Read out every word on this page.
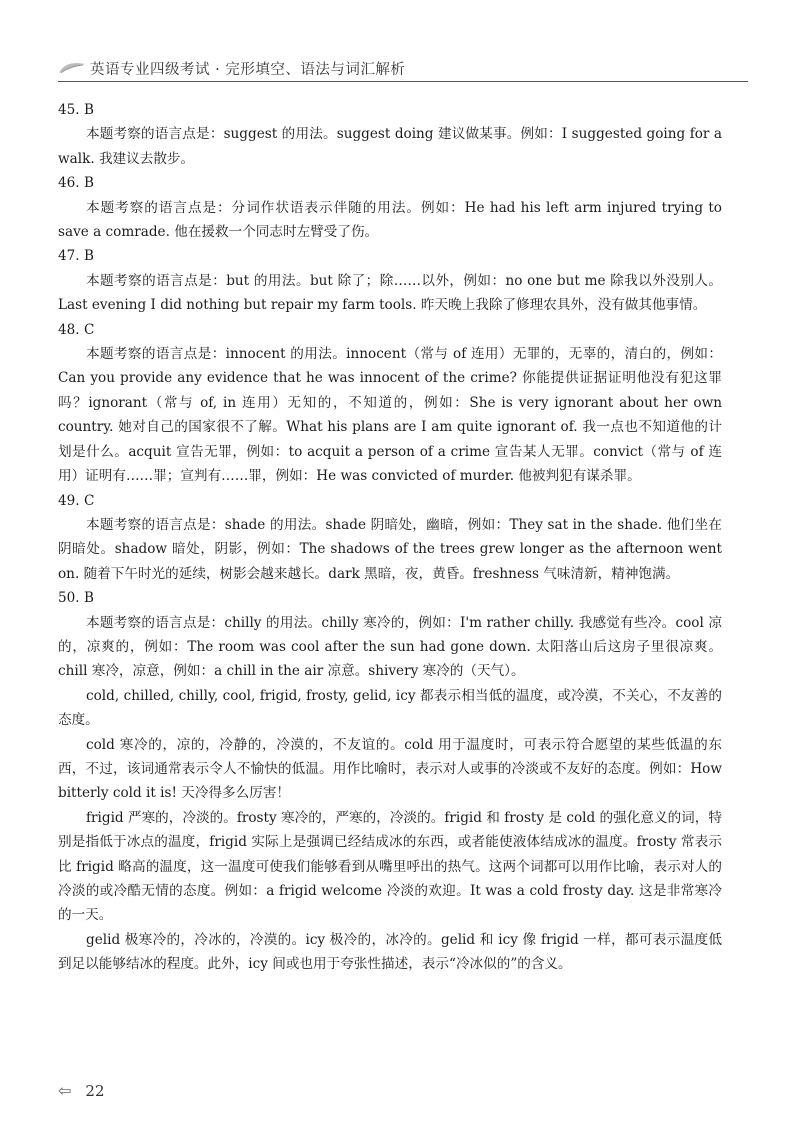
英语专业四级考试 · 完形填空、语法与词汇解析

45. B

本题考察的语言点是：suggest 的用法。suggest doing 建议做某事。例如：I suggested going for a walk. 我建议去散步。

46. B

本题考察的语言点是：分词作状语表示伴随的用法。例如：He had his left arm injured trying to save a comrade. 他在援救一个同志时左臂受了伤。

47. B

本题考察的语言点是：but 的用法。but 除了；除……以外，例如：no one but me 除我以外没别人。Last evening I did nothing but repair my farm tools. 昨天晚上我除了修理农具外，没有做其他事情。

48. C

本题考察的语言点是：innocent 的用法。innocent（常与 of 连用）无罪的，无辜的，清白的，例如：Can you provide any evidence that he was innocent of the crime? 你能提供证据证明他没有犯这罪吗？ignorant（常与 of, in 连用）无知的，不知道的，例如：She is very ignorant about her own country. 她对自己的国家很不了解。What his plans are I am quite ignorant of. 我一点也不知道他的计划是什么。acquit 宣告无罪，例如：to acquit a person of a crime 宣告某人无罪。convict（常与 of 连用）证明有……罪；宣判有……罪，例如：He was convicted of murder. 他被判犯有谋杀罪。

49. C

本题考察的语言点是：shade 的用法。shade 阴暗处，幽暗，例如：They sat in the shade. 他们坐在阴暗处。shadow 暗处，阴影，例如：The shadows of the trees grew longer as the afternoon went on. 随着下午时光的延续，树影会越来越长。dark 黑暗，夜，黄昏。freshness 气味清新，精神饱满。

50. B

本题考察的语言点是：chilly 的用法。chilly 寒冷的，例如：I'm rather chilly. 我感觉有些冷。cool 凉的，凉爽的，例如：The room was cool after the sun had gone down. 太阳落山后这房子里很凉爽。chill 寒冷，凉意，例如：a chill in the air 凉意。shivery 寒冷的（天气）。

cold, chilled, chilly, cool, frigid, frosty, gelid, icy 都表示相当低的温度，或冷漠，不关心，不友善的态度。

cold 寒冷的，凉的，冷静的，冷漠的，不友谊的。cold 用于温度时，可表示符合愿望的某些低温的东西，不过，该词通常表示令人不愉快的低温。用作比喻时，表示对人或事的冷淡或不友好的态度。例如：How bitterly cold it is! 天冷得多么厉害！

frigid 严寒的，冷淡的。frosty 寒冷的，严寒的，冷淡的。frigid 和 frosty 是 cold 的强化意义的词，特别是指低于冰点的温度，frigid 实际上是强调已经结成冰的东西，或者能使液体结成冰的温度。frosty 常表示比 frigid 略高的温度，这一温度可使我们能够看到从嘴里呼出的热气。这两个词都可以用作比喻，表示对人的冷淡的或冷酷无情的态度。例如：a frigid welcome 冷淡的欢迎。It was a cold frosty day. 这是非常寒冷的一天。

gelid 极寒冷的，冷冰的，冷漠的。icy 极冷的，冰冷的。gelid 和 icy 像 frigid 一样，都可表示温度低到足以能够结冰的程度。此外，icy 间或也用于夸张性描述，表示“冷冰似的”的含义。

⇦ 22
